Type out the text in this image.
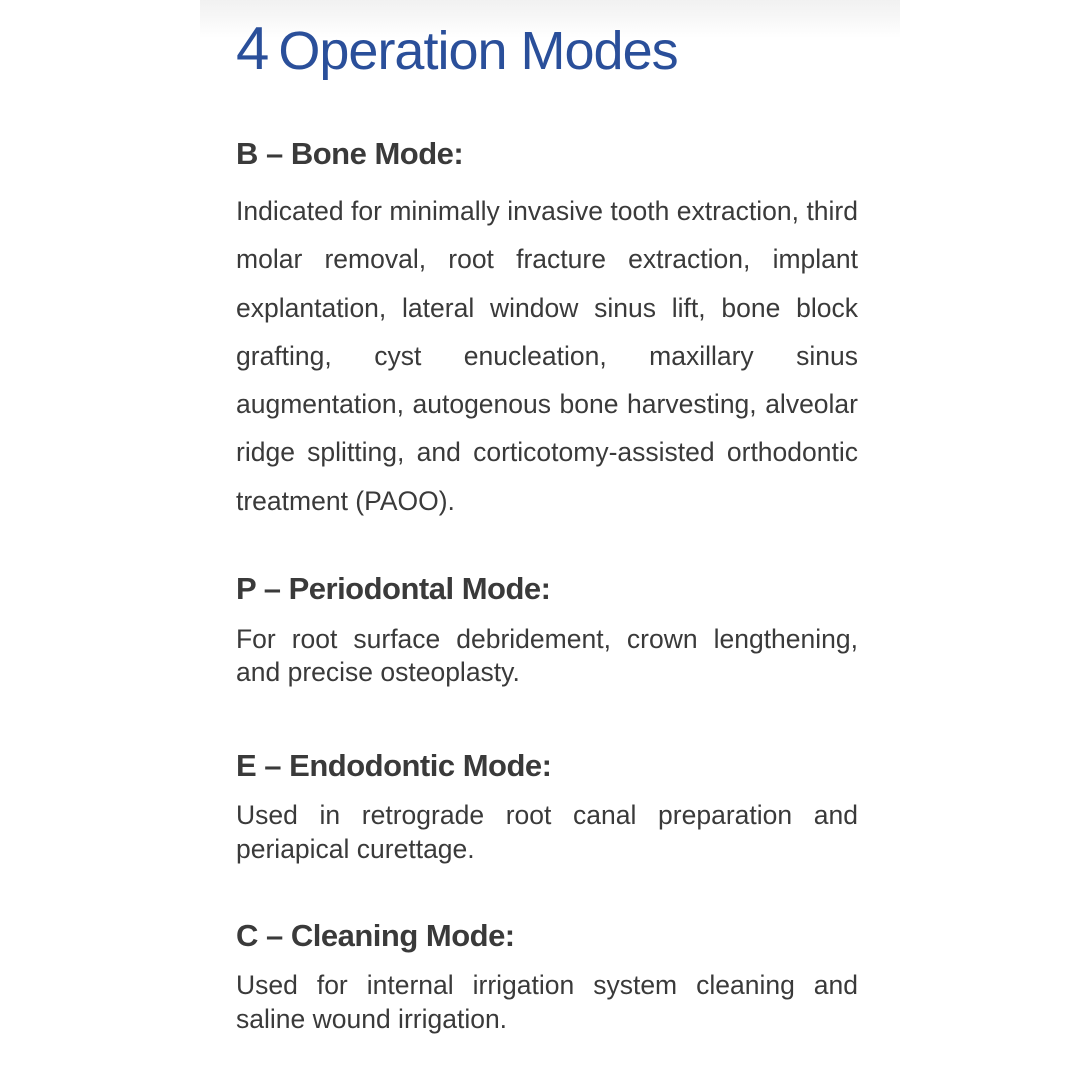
4 Operation Modes
B – Bone Mode:

Indicated for minimally invasive tooth extraction, third molar removal, root fracture extraction, implant explantation, lateral window sinus lift, bone block grafting, cyst enucleation, maxillary sinus augmentation, autogenous bone harvesting, alveolar ridge splitting, and corticotomy-assisted orthodontic treatment (PAOO).

P – Periodontal Mode:

For root surface debridement, crown lengthening, and precise osteoplasty.

E – Endodontic Mode:

Used in retrograde root canal preparation and periapical curettage.

C – Cleaning Mode:

Used for internal irrigation system cleaning and saline wound irrigation.
